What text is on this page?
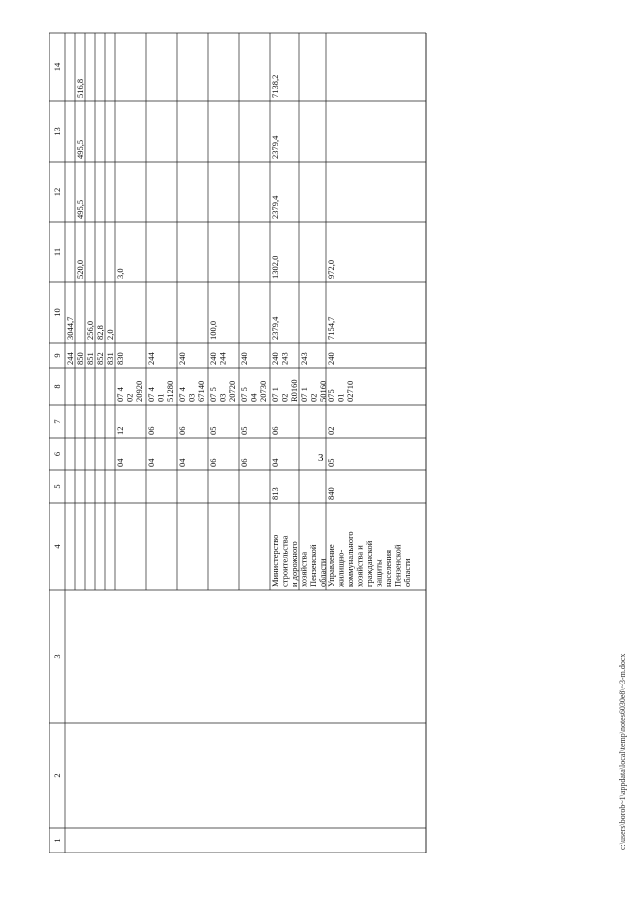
3
1
2
3
4
5
6
7
8
9
10
11
12
13
14
244
3044,7
850
520,0
495,5
495,5
516,8
851
256,0
852
82,8
831
2,0
04
12
07 4 02 20920
830
3,0
04
06
07 4 01 51280
244
04
06
07 4 03 67140
240
06
05
07 5 03 20720
240 244
100,0
06
05
07 5 04 20730
240
Министерство строительства и дорожного хозяйства Пензенской области
813
04
06
07 1 02 R0160
240 243
2379,4
1302,0
2379,4
2379,4
7138,2
07 1 02 50160
243
Управление жилищно- коммунального хозяйства и гражданской защиты населения Пензенской области
840
05
02
075 01 02710
240
7154,7
972,0
c:\users\borob~1\appdata\local\temp\notes6030e8\~3-m.docx
